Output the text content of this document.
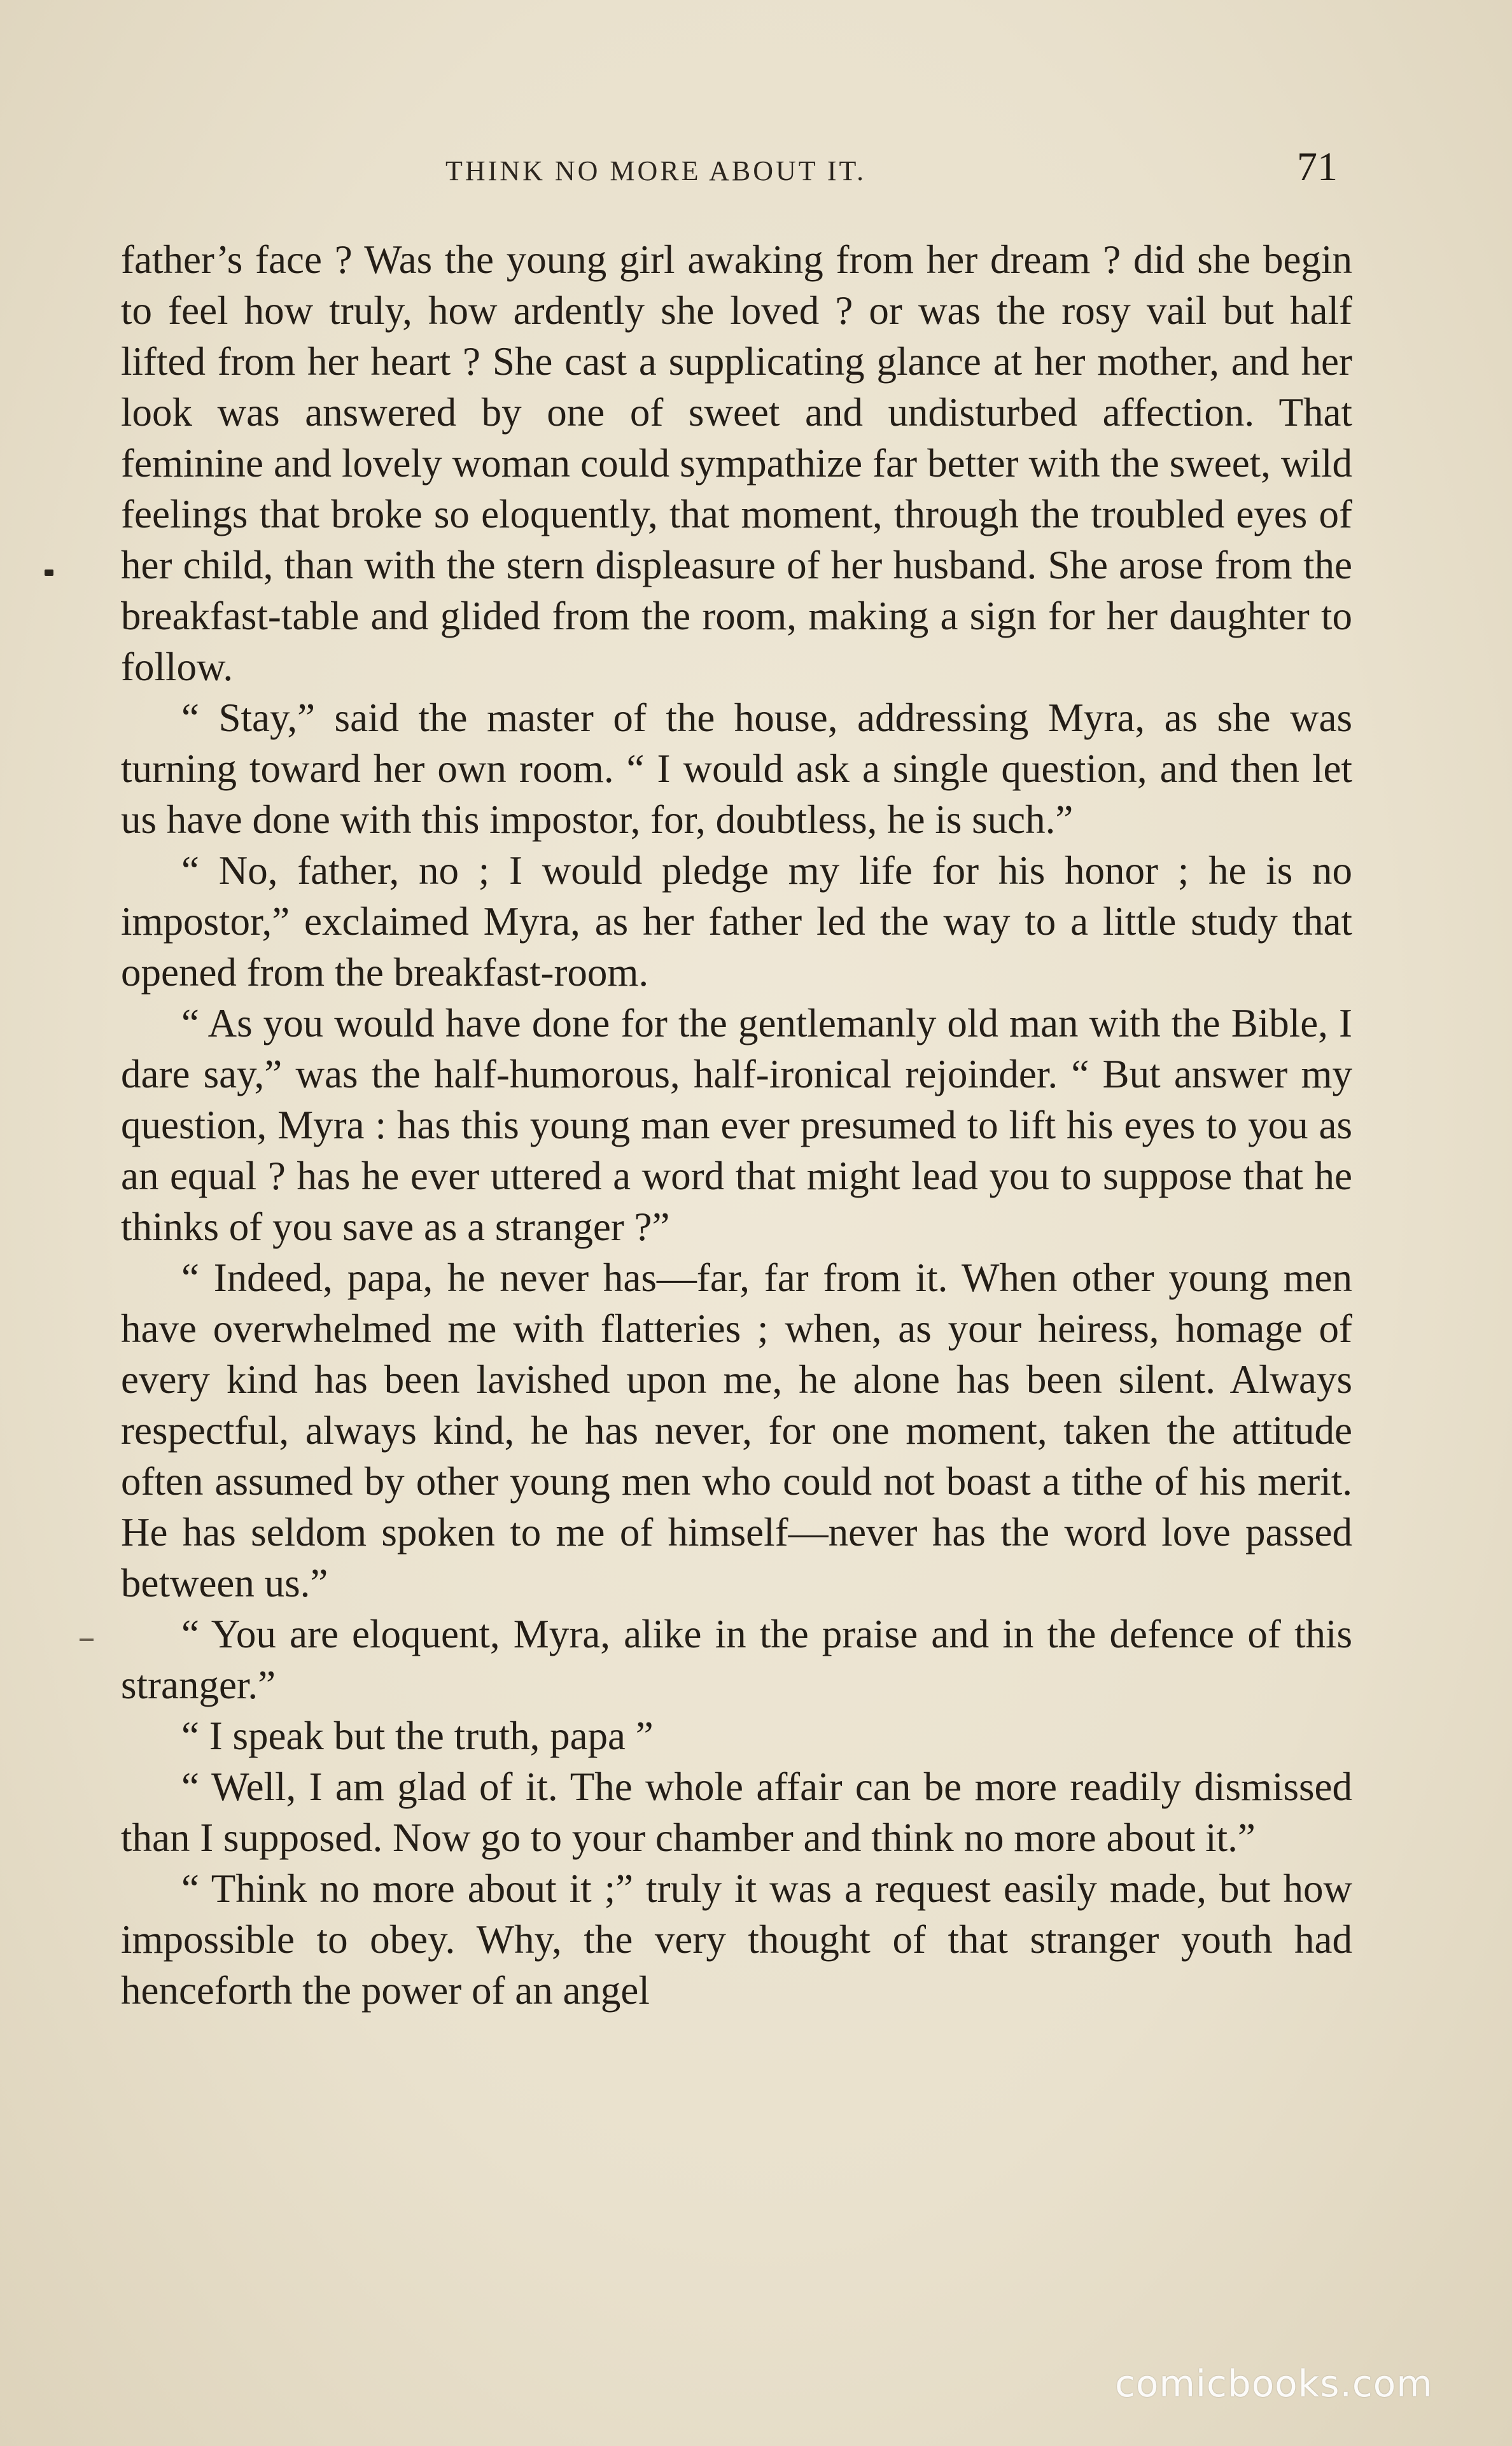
THINK NO MORE ABOUT IT.	71

father’s face ? Was the young girl awaking from her dream ? did she begin to feel how truly, how ardently she loved ? or was the rosy vail but half lifted from her heart ? She cast a supplicating glance at her mother, and her look was answered by one of sweet and undisturbed affection. That feminine and lovely woman could sympathize far better with the sweet, wild feelings that broke so eloquently, that moment, through the troubled eyes of her child, than with the stern displeasure of her husband. She arose from the breakfast-table and glided from the room, making a sign for her daughter to follow.

“ Stay,” said the master of the house, addressing Myra, as she was turning toward her own room. “ I would ask a single question, and then let us have done with this impostor, for, doubtless, he is such.”

“ No, father, no ; I would pledge my life for his honor ; he is no impostor,” exclaimed Myra, as her father led the way to a little study that opened from the breakfast-room.

“ As you would have done for the gentlemanly old man with the Bible, I dare say,” was the half-humorous, half-ironical rejoinder. “ But answer my question, Myra : has this young man ever presumed to lift his eyes to you as an equal ? has he ever uttered a word that might lead you to suppose that he thinks of you save as a stranger ?”

“ Indeed, papa, he never has—far, far from it. When other young men have overwhelmed me with flatteries ; when, as your heiress, homage of every kind has been lavished upon me, he alone has been silent. Always respectful, always kind, he has never, for one moment, taken the attitude often assumed by other young men who could not boast a tithe of his merit. He has seldom spoken to me of himself—never has the word love passed between us.”

“ You are eloquent, Myra, alike in the praise and in the defence of this stranger.”

“ I speak but the truth, papa ”

“ Well, I am glad of it. The whole affair can be more readily dismissed than I supposed. Now go to your chamber and think no more about it.”

“ Think no more about it ;” truly it was a request easily made, but how impossible to obey. Why, the very thought of that stranger youth had henceforth the power of an angel

comicbooks.com
